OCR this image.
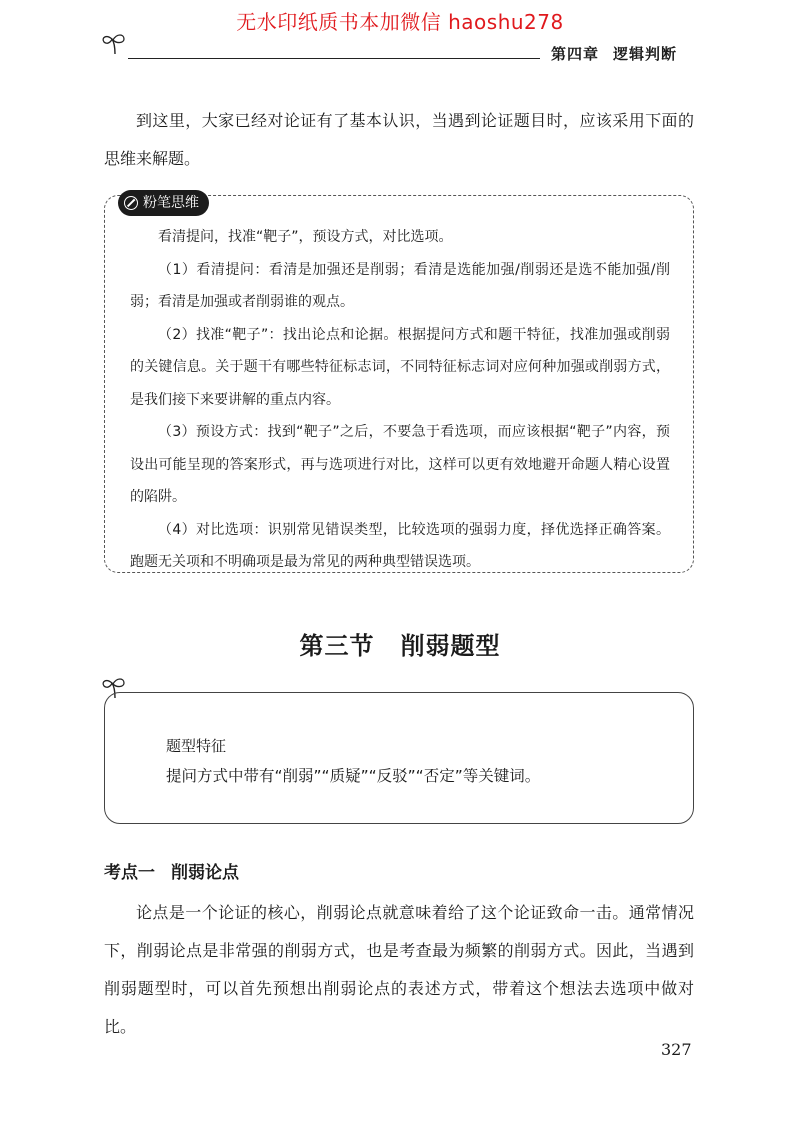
无水印纸质书本加微信 haoshu278
第四章 逻辑判断
到这里，大家已经对论证有了基本认识，当遇到论证题目时，应该采用下面的思维来解题。
粉笔思维

看清提问，找准“靶子”，预设方式，对比选项。

（1）看清提问：看清是加强还是削弱；看清是选能加强/削弱还是选不能加强/削弱；看清是加强或者削弱谁的观点。

（2）找准“靶子”：找出论点和论据。根据提问方式和题干特征，找准加强或削弱的关键信息。关于题干有哪些特征标志词，不同特征标志词对应何种加强或削弱方式，是我们接下来要讲解的重点内容。

（3）预设方式：找到“靶子”之后，不要急于看选项，而应该根据“靶子”内容，预设出可能呈现的答案形式，再与选项进行对比，这样可以更有效地避开命题人精心设置的陷阱。

（4）对比选项：识别常见错误类型，比较选项的强弱力度，择优选择正确答案。跑题无关项和不明确项是最为常见的两种典型错误选项。

第三节 削弱题型
题型特征
提问方式中带有“削弱”“质疑”“反驳”“否定”等关键词。
考点一 削弱论点
论点是一个论证的核心，削弱论点就意味着给了这个论证致命一击。通常情况下，削弱论点是非常强的削弱方式，也是考查最为频繁的削弱方式。因此，当遇到削弱题型时，可以首先预想出削弱论点的表述方式，带着这个想法去选项中做对比。
327
